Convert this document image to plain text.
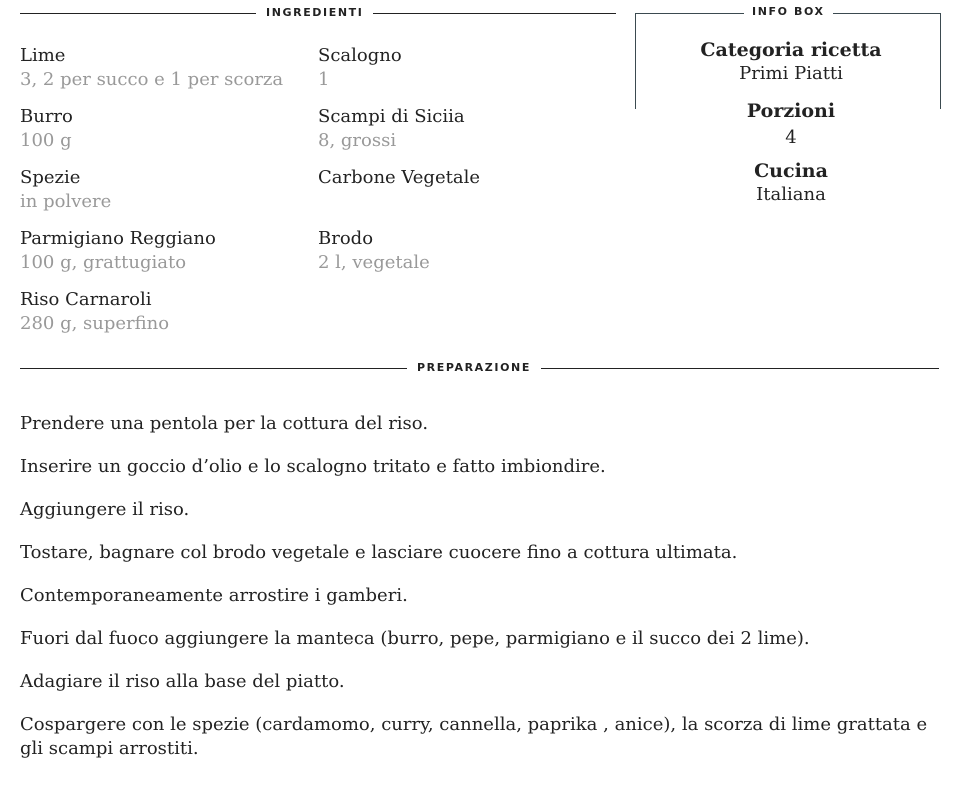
INGREDIENTI
Lime
3, 2 per succo e 1 per scorza
Scalogno
1
Burro
100 g
Scampi di Siciia
8, grossi
Spezie
in polvere
Carbone Vegetale
Parmigiano Reggiano
100 g, grattugiato
Brodo
2 l, vegetale
Riso Carnaroli
280 g, superfino
INFO BOX
Categoria ricetta
Primi Piatti
Porzioni
4
Cucina
Italiana
PREPARAZIONE

Prendere una pentola per la cottura del riso.

Inserire un goccio d’olio e lo scalogno tritato e fatto imbiondire.

Aggiungere il riso.

Tostare, bagnare col brodo vegetale e lasciare cuocere fino a cottura ultimata.

Contemporaneamente arrostire i gamberi.

Fuori dal fuoco aggiungere la manteca (burro, pepe, parmigiano e il succo dei 2 lime).

Adagiare il riso alla base del piatto.

Cospargere con le spezie (cardamomo, curry, cannella, paprika , anice), la scorza di lime grattata e gli scampi arrostiti.
